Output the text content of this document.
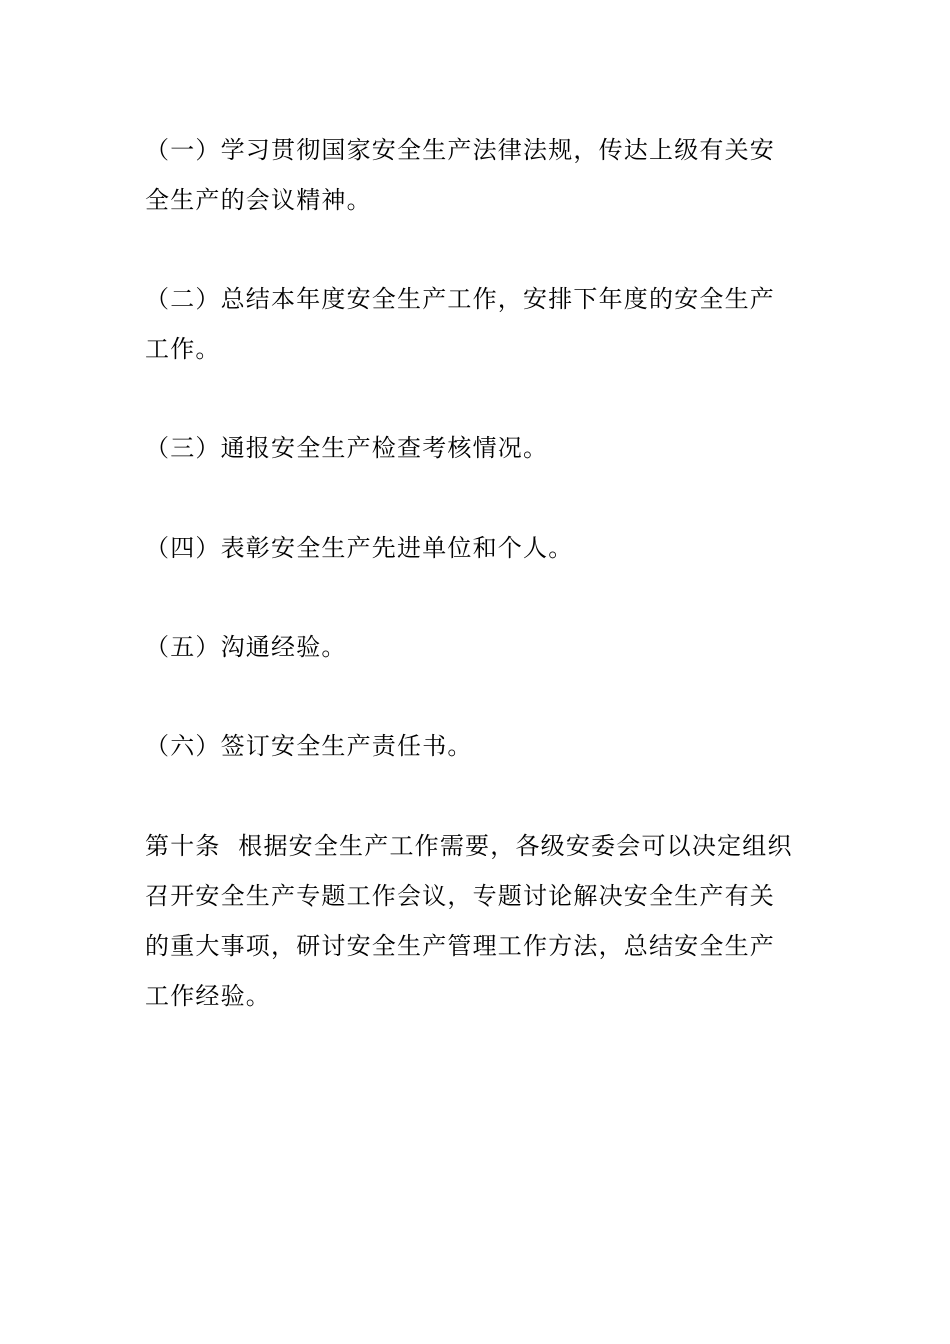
（一）学习贯彻国家安全生产法律法规，传达上级有关安
全生产的会议精神。

（二）总结本年度安全生产工作，安排下年度的安全生产
工作。

（三）通报安全生产检查考核情况。

（四）表彰安全生产先进单位和个人。

（五）沟通经验。

（六）签订安全生产责任书。

第十条  根据安全生产工作需要，各级安委会可以决定组织
召开安全生产专题工作会议，专题讨论解决安全生产有关
的重大事项，研讨安全生产管理工作方法，总结安全生产
工作经验。
